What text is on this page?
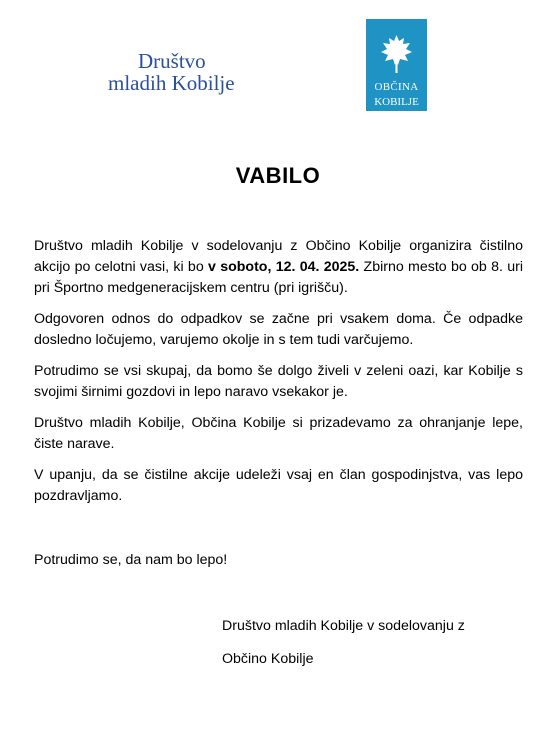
Društvo
mladih Kobilje	OBČINA
KOBILJE
VABILO

Društvo mladih Kobilje v sodelovanju z Občino Kobilje organizira čistilno akcijo po celotni vasi, ki bo v soboto, 12. 04. 2025. Zbirno mesto bo ob 8. uri pri Športno medgeneracijskem centru (pri igrišču).

Odgovoren odnos do odpadkov se začne pri vsakem doma. Če odpadke dosledno ločujemo, varujemo okolje in s tem tudi varčujemo.

Potrudimo se vsi skupaj, da bomo še dolgo živeli v zeleni oazi, kar Kobilje s svojimi širnimi gozdovi in lepo naravo vsekakor je.

Društvo mladih Kobilje, Občina Kobilje si prizadevamo za ohranjanje lepe, čiste narave.

V upanju, da se čistilne akcije udeleži vsaj en član gospodinjstva, vas lepo pozdravljamo.

Potrudimo se, da nam bo lepo!
Društvo mladih Kobilje v sodelovanju z
Občino Kobilje
